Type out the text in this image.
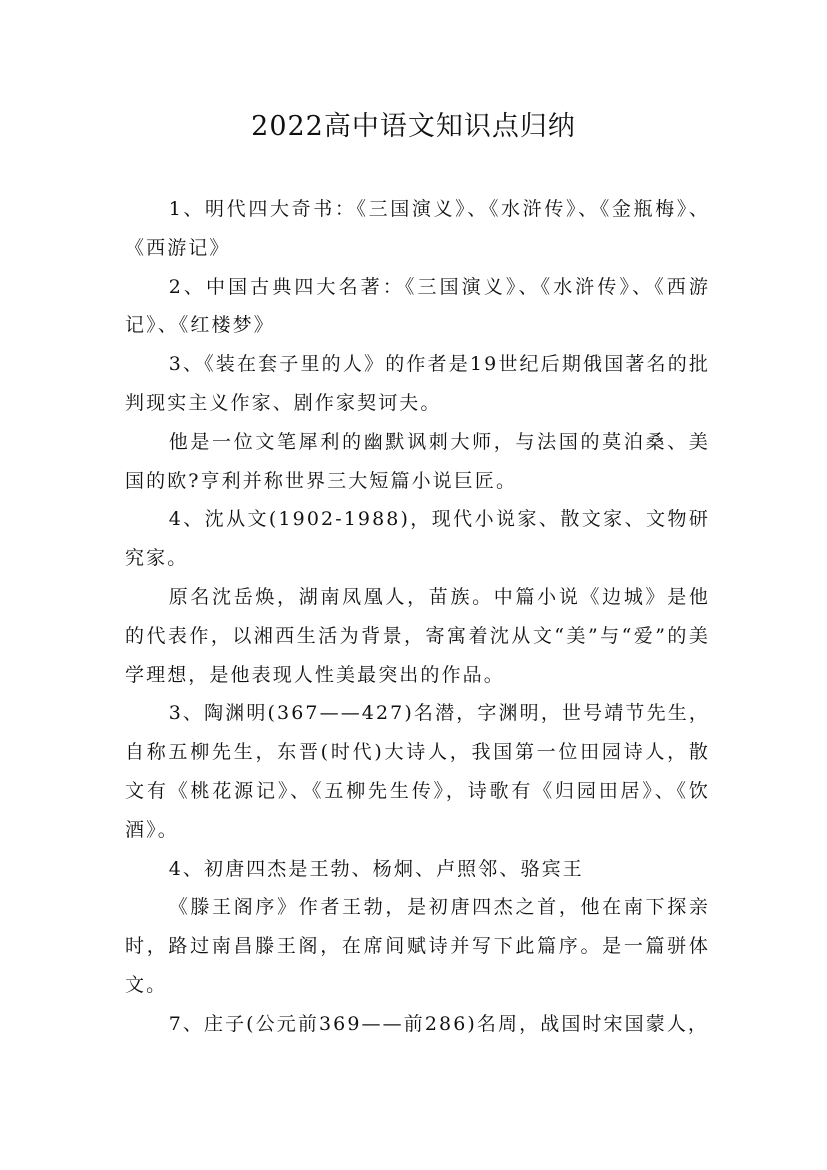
2022高中语文知识点归纳

1、明代四大奇书：《三国演义》、《水浒传》、《金瓶梅》、《西游记》

2、中国古典四大名著：《三国演义》、《水浒传》、《西游记》、《红楼梦》

3、《装在套子里的人》的作者是19世纪后期俄国著名的批判现实主义作家、剧作家契诃夫。

他是一位文笔犀利的幽默讽刺大师，与法国的莫泊桑、美国的欧?亨利并称世界三大短篇小说巨匠。

4、沈从文(1902-1988)，现代小说家、散文家、文物研究家。

原名沈岳焕，湖南凤凰人，苗族。中篇小说《边城》是他的代表作，以湘西生活为背景，寄寓着沈从文“美”与“爱”的美学理想，是他表现人性美最突出的作品。

3、陶渊明(367——427)名潜，字渊明，世号靖节先生，自称五柳先生，东晋(时代)大诗人，我国第一位田园诗人，散文有《桃花源记》、《五柳先生传》，诗歌有《归园田居》、《饮酒》。

4、初唐四杰是王勃、杨炯、卢照邻、骆宾王

《滕王阁序》作者王勃，是初唐四杰之首，他在南下探亲时，路过南昌滕王阁，在席间赋诗并写下此篇序。是一篇骈体文。

7、庄子(公元前369——前286)名周，战国时宋国蒙人，
